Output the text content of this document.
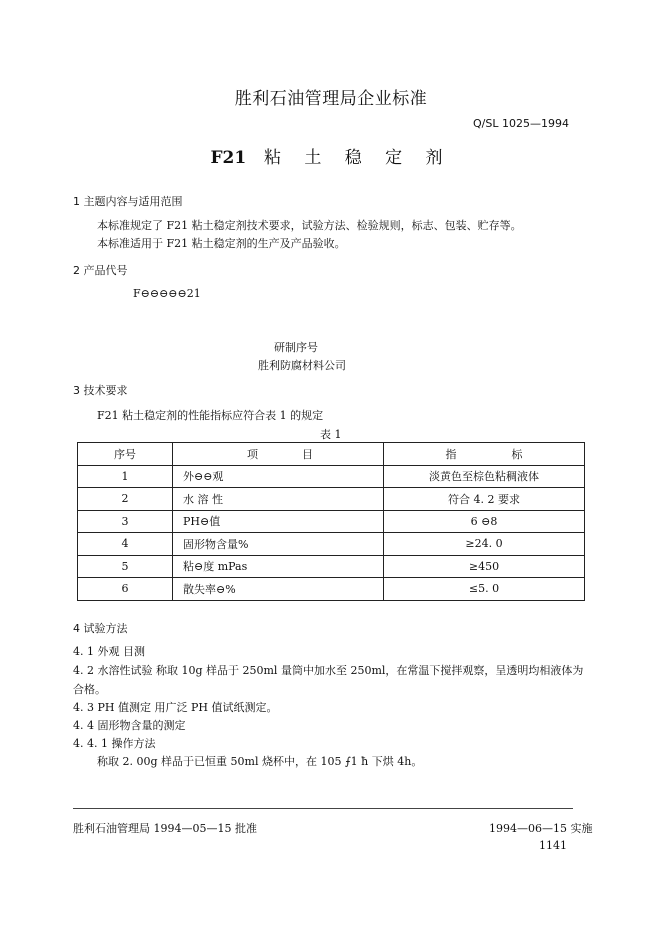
胜利石油管理局企业标准
Q/SL 1025—1994
F21 粘 土 稳 定 剂
1 主题内容与适用范围
本标准规定了 F21 粘土稳定剂技术要求，试验方法、检验规则，标志、包装、贮存等。
本标准适用于 F21 粘土稳定剂的生产及产品验收。
2 产品代号
F⊖⊖⊖⊖⊖21
研制序号
胜利防腐材料公司
3 技术要求
F21 粘土稳定剂的性能指标应符合表 1 的规定
表 1
序号	项　　　　目	指　　　　　标
1	外⊖⊖观	淡黄色至棕色粘稠液体
2	水 溶 性	符合 4. 2 要求
3	PH⊖值	6 ⊖8
4	固形物含量%	≥24. 0
5	粘⊖度 mPas	≥450
6	散失率⊖%	≤5. 0
4 试验方法
4. 1 外观 目测
4. 2 水溶性试验 称取 10g 样品于 250ml 量筒中加水至 250ml，在常温下搅拌观察，呈透明均相液体为
合格。
4. 3 PH 值测定 用广泛 PH 值试纸测定。
4. 4 固形物含量的测定
4. 4. 1 操作方法
称取 2. 00g 样品于已恒重 50ml 烧杯中，在 105 ⨍1 ħ 下烘 4h。
胜利石油管理局 1994—05—15 批准	1994—06—15 实施
1141
